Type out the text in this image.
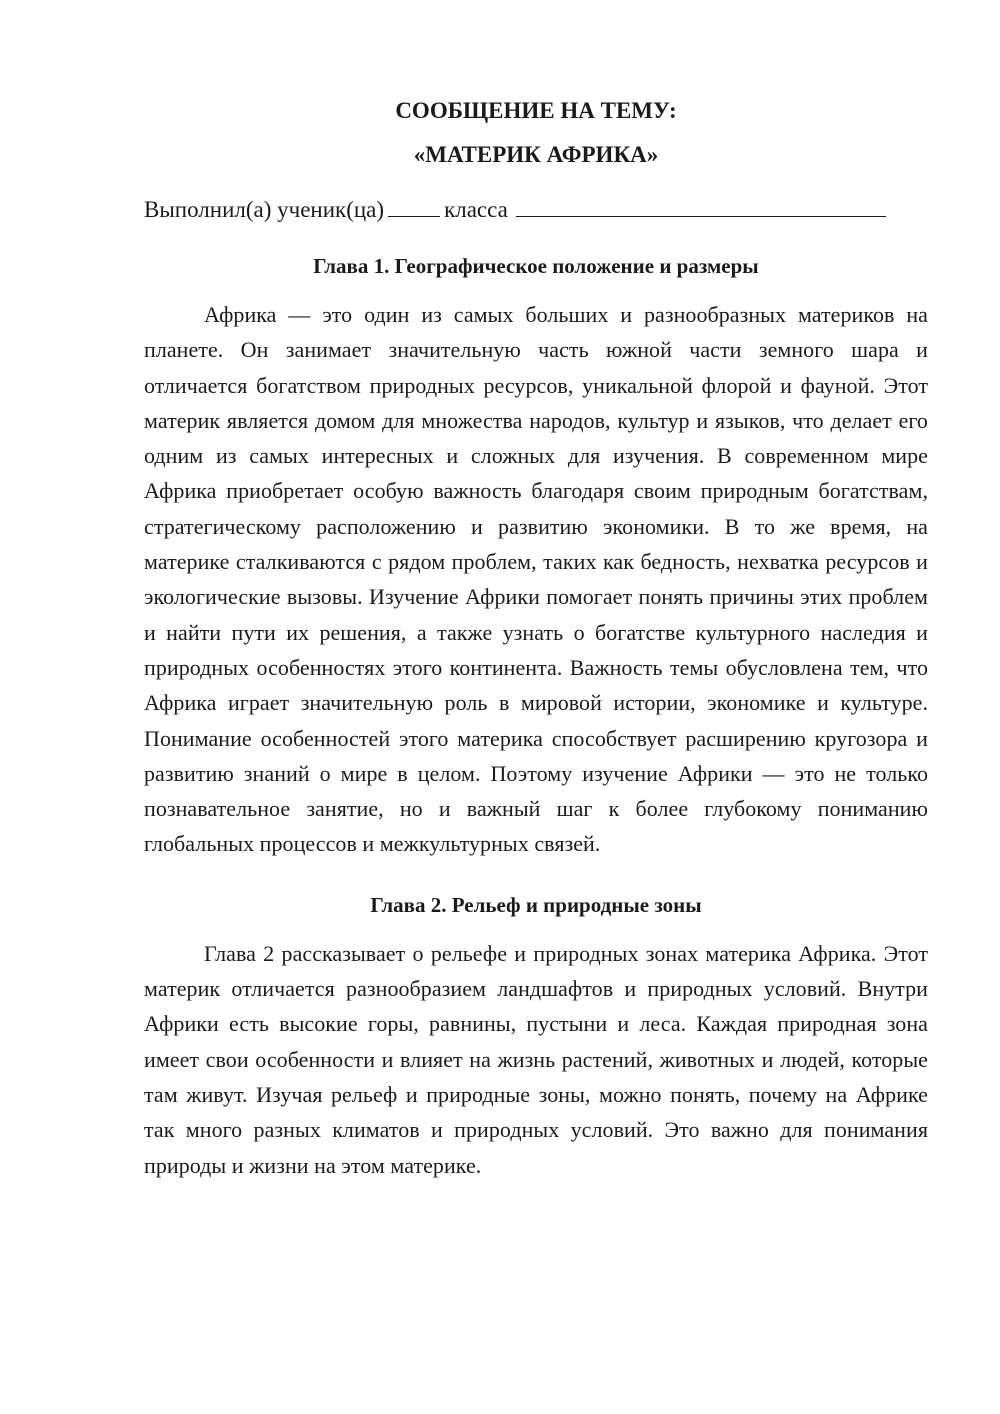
СООБЩЕНИЕ НА ТЕМУ:
«МАТЕРИК АФРИКА»

Выполнил(а) ученик(ца)	класса

Глава 1. Географическое положение и размеры

Африка — это один из самых больших и разнообразных материков на планете. Он занимает значительную часть южной части земного шара и отличается богатством природных ресурсов, уникальной флорой и фауной. Этот материк является домом для множества народов, культур и языков, что делает его одним из самых интересных и сложных для изучения. В современном мире Африка приобретает особую важность благодаря своим природным богатствам, стратегическому расположению и развитию экономики. В то же время, на материке сталкиваются с рядом проблем, таких как бедность, нехватка ресурсов и экологические вызовы. Изучение Африки помогает понять причины этих проблем и найти пути их решения, а также узнать о богатстве культурного наследия и природных особенностях этого континента. Важность темы обусловлена тем, что Африка играет значительную роль в мировой истории, экономике и культуре. Понимание особенностей этого материка способствует расширению кругозора и развитию знаний о мире в целом. Поэтому изучение Африки — это не только познавательное занятие, но и важный шаг к более глубокому пониманию глобальных процессов и межкультурных связей.

Глава 2. Рельеф и природные зоны

Глава 2 рассказывает о рельефе и природных зонах материка Африка. Этот материк отличается разнообразием ландшафтов и природных условий. Внутри Африки есть высокие горы, равнины, пустыни и леса. Каждая природная зона имеет свои особенности и влияет на жизнь растений, животных и людей, которые там живут. Изучая рельеф и природные зоны, можно понять, почему на Африке так много разных климатов и природных условий. Это важно для понимания природы и жизни на этом материке.
